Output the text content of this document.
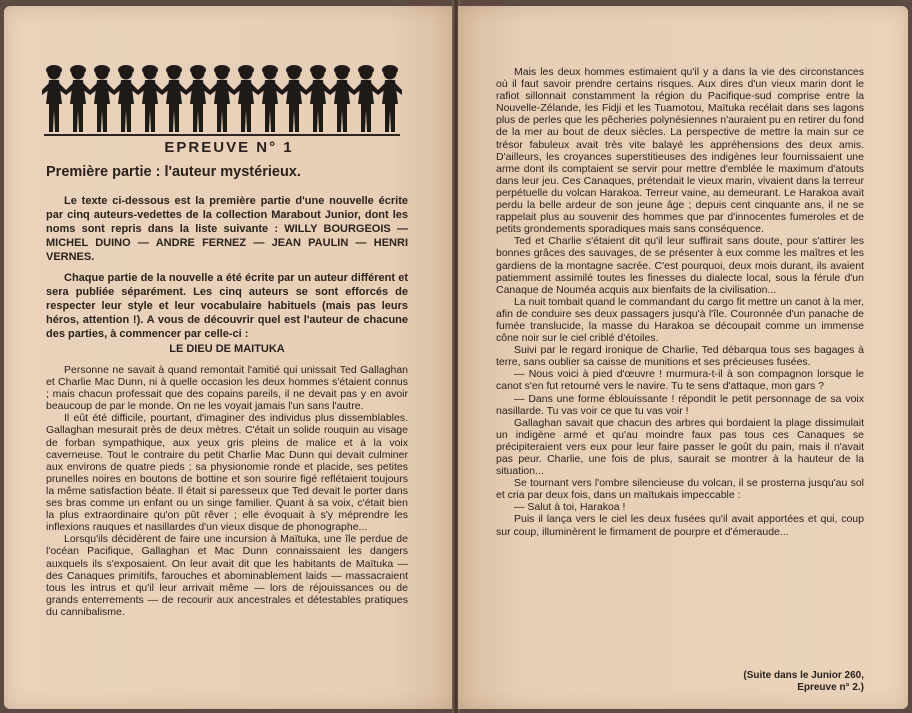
EPREUVE N° 1
Première partie : l'auteur mystérieux.

Le texte ci-dessous est la première partie d'une nouvelle écrite par cinq auteurs-vedettes de la collection Marabout Junior, dont les noms sont repris dans la liste suivante : WILLY BOURGEOIS — MICHEL DUINO — ANDRE FERNEZ — JEAN PAULIN — HENRI VERNES.

Chaque partie de la nouvelle a été écrite par un auteur différent et sera publiée séparément. Les cinq auteurs se sont efforcés de respecter leur style et leur vocabulaire habituels (mais pas leurs héros, attention !). A vous de découvrir quel est l'auteur de chacune des parties, à commencer par celle-ci :

LE DIEU DE MAITUKA

Personne ne savait à quand remontait l'amitié qui unissait Ted Gallaghan et Charlie Mac Dunn, ni à quelle occasion les deux hommes s'étaient connus ; mais chacun professait que des copains pareils, il ne devait pas y en avoir beaucoup de par le monde. On ne les voyait jamais l'un sans l'autre.

Il eût été difficile, pourtant, d'imaginer des individus plus dissemblables. Gallaghan mesurait près de deux mètres. C'était un solide rouquin au visage de forban sympathique, aux yeux gris pleins de malice et à la voix caverneuse. Tout le contraire du petit Charlie Mac Dunn qui devait culminer aux environs de quatre pieds ; sa physionomie ronde et placide, ses petites prunelles noires en boutons de bottine et son sourire figé reflétaient toujours la même satisfaction béate. Il était si paresseux que Ted devait le porter dans ses bras comme un enfant ou un singe familier. Quant à sa voix, c'était bien la plus extraordinaire qu'on pût rêver ; elle évoquait à s'y méprendre les inflexions rauques et nasillardes d'un vieux disque de phonographe...

Lorsqu'ils décidèrent de faire une incursion à Maïtuka, une île perdue de l'océan Pacifique, Gallaghan et Mac Dunn connaissaient les dangers auxquels ils s'exposaient. On leur avait dit que les habitants de Maïtuka — des Canaques primitifs, farouches et abominablement laids — massacraient tous les intrus et qu'il leur arrivait même — lors de réjouissances ou de grands enterrements — de recourir aux ancestrales et détestables pratiques du cannibalisme.

Mais les deux hommes estimaient qu'il y a dans la vie des circonstances où il faut savoir prendre certains risques. Aux dires d'un vieux marin dont le rafiot sillonnait constamment la région du Pacifique-sud comprise entre la Nouvelle-Zélande, les Fidji et les Tuamotou, Maïtuka recélait dans ses lagons plus de perles que les pêcheries polynésiennes n'auraient pu en retirer du fond de la mer au bout de deux siècles. La perspective de mettre la main sur ce trésor fabuleux avait très vite balayé les appréhensions des deux amis. D'ailleurs, les croyances superstitieuses des indigènes leur fournissaient une arme dont ils comptaient se servir pour mettre d'emblée le maximum d'atouts dans leur jeu. Ces Canaques, prétendait le vieux marin, vivaient dans la terreur perpétuelle du volcan Harakoa. Terreur vaine, au demeurant. Le Harakoa avait perdu la belle ardeur de son jeune âge ; depuis cent cinquante ans, il ne se rappelait plus au souvenir des hommes que par d'innocentes fumeroles et de petits grondements sporadiques mais sans conséquence.

Ted et Charlie s'étaient dit qu'il leur suffirait sans doute, pour s'attirer les bonnes grâces des sauvages, de se présenter à eux comme les maîtres et les gardiens de la montagne sacrée. C'est pourquoi, deux mois durant, ils avaient patiemment assimilé toutes les finesses du dialecte local, sous la férule d'un Canaque de Nouméa acquis aux bienfaits de la civilisation...

La nuit tombait quand le commandant du cargo fit mettre un canot à la mer, afin de conduire ses deux passagers jusqu'à l'île. Couronnée d'un panache de fumée translucide, la masse du Harakoa se découpait comme un immense cône noir sur le ciel criblé d'étoiles.

Suivi par le regard ironique de Charlie, Ted débarqua tous ses bagages à terre, sans oublier sa caisse de munitions et ses précieuses fusées.

— Nous voici à pied d'œuvre ! murmura-t-il à son compagnon lorsque le canot s'en fut retourné vers le navire. Tu te sens d'attaque, mon gars ?

— Dans une forme éblouissante ! répondit le petit personnage de sa voix nasillarde. Tu vas voir ce que tu vas voir !

Gallaghan savait que chacun des arbres qui bordaient la plage dissimulait un indigène armé et qu'au moindre faux pas tous ces Canaques se précipiteraient vers eux pour leur faire passer le goût du pain, mais il n'avait pas peur. Charlie, une fois de plus, saurait se montrer à la hauteur de la situation...

Se tournant vers l'ombre silencieuse du volcan, il se prosterna jusqu'au sol et cria par deux fois, dans un maïtukais impeccable :

— Salut à toi, Harakoa !

Puis il lança vers le ciel les deux fusées qu'il avait apportées et qui, coup sur coup, illuminèrent le firmament de pourpre et d'émeraude...

(Suite dans le Junior 260,
Epreuve n° 2.)
